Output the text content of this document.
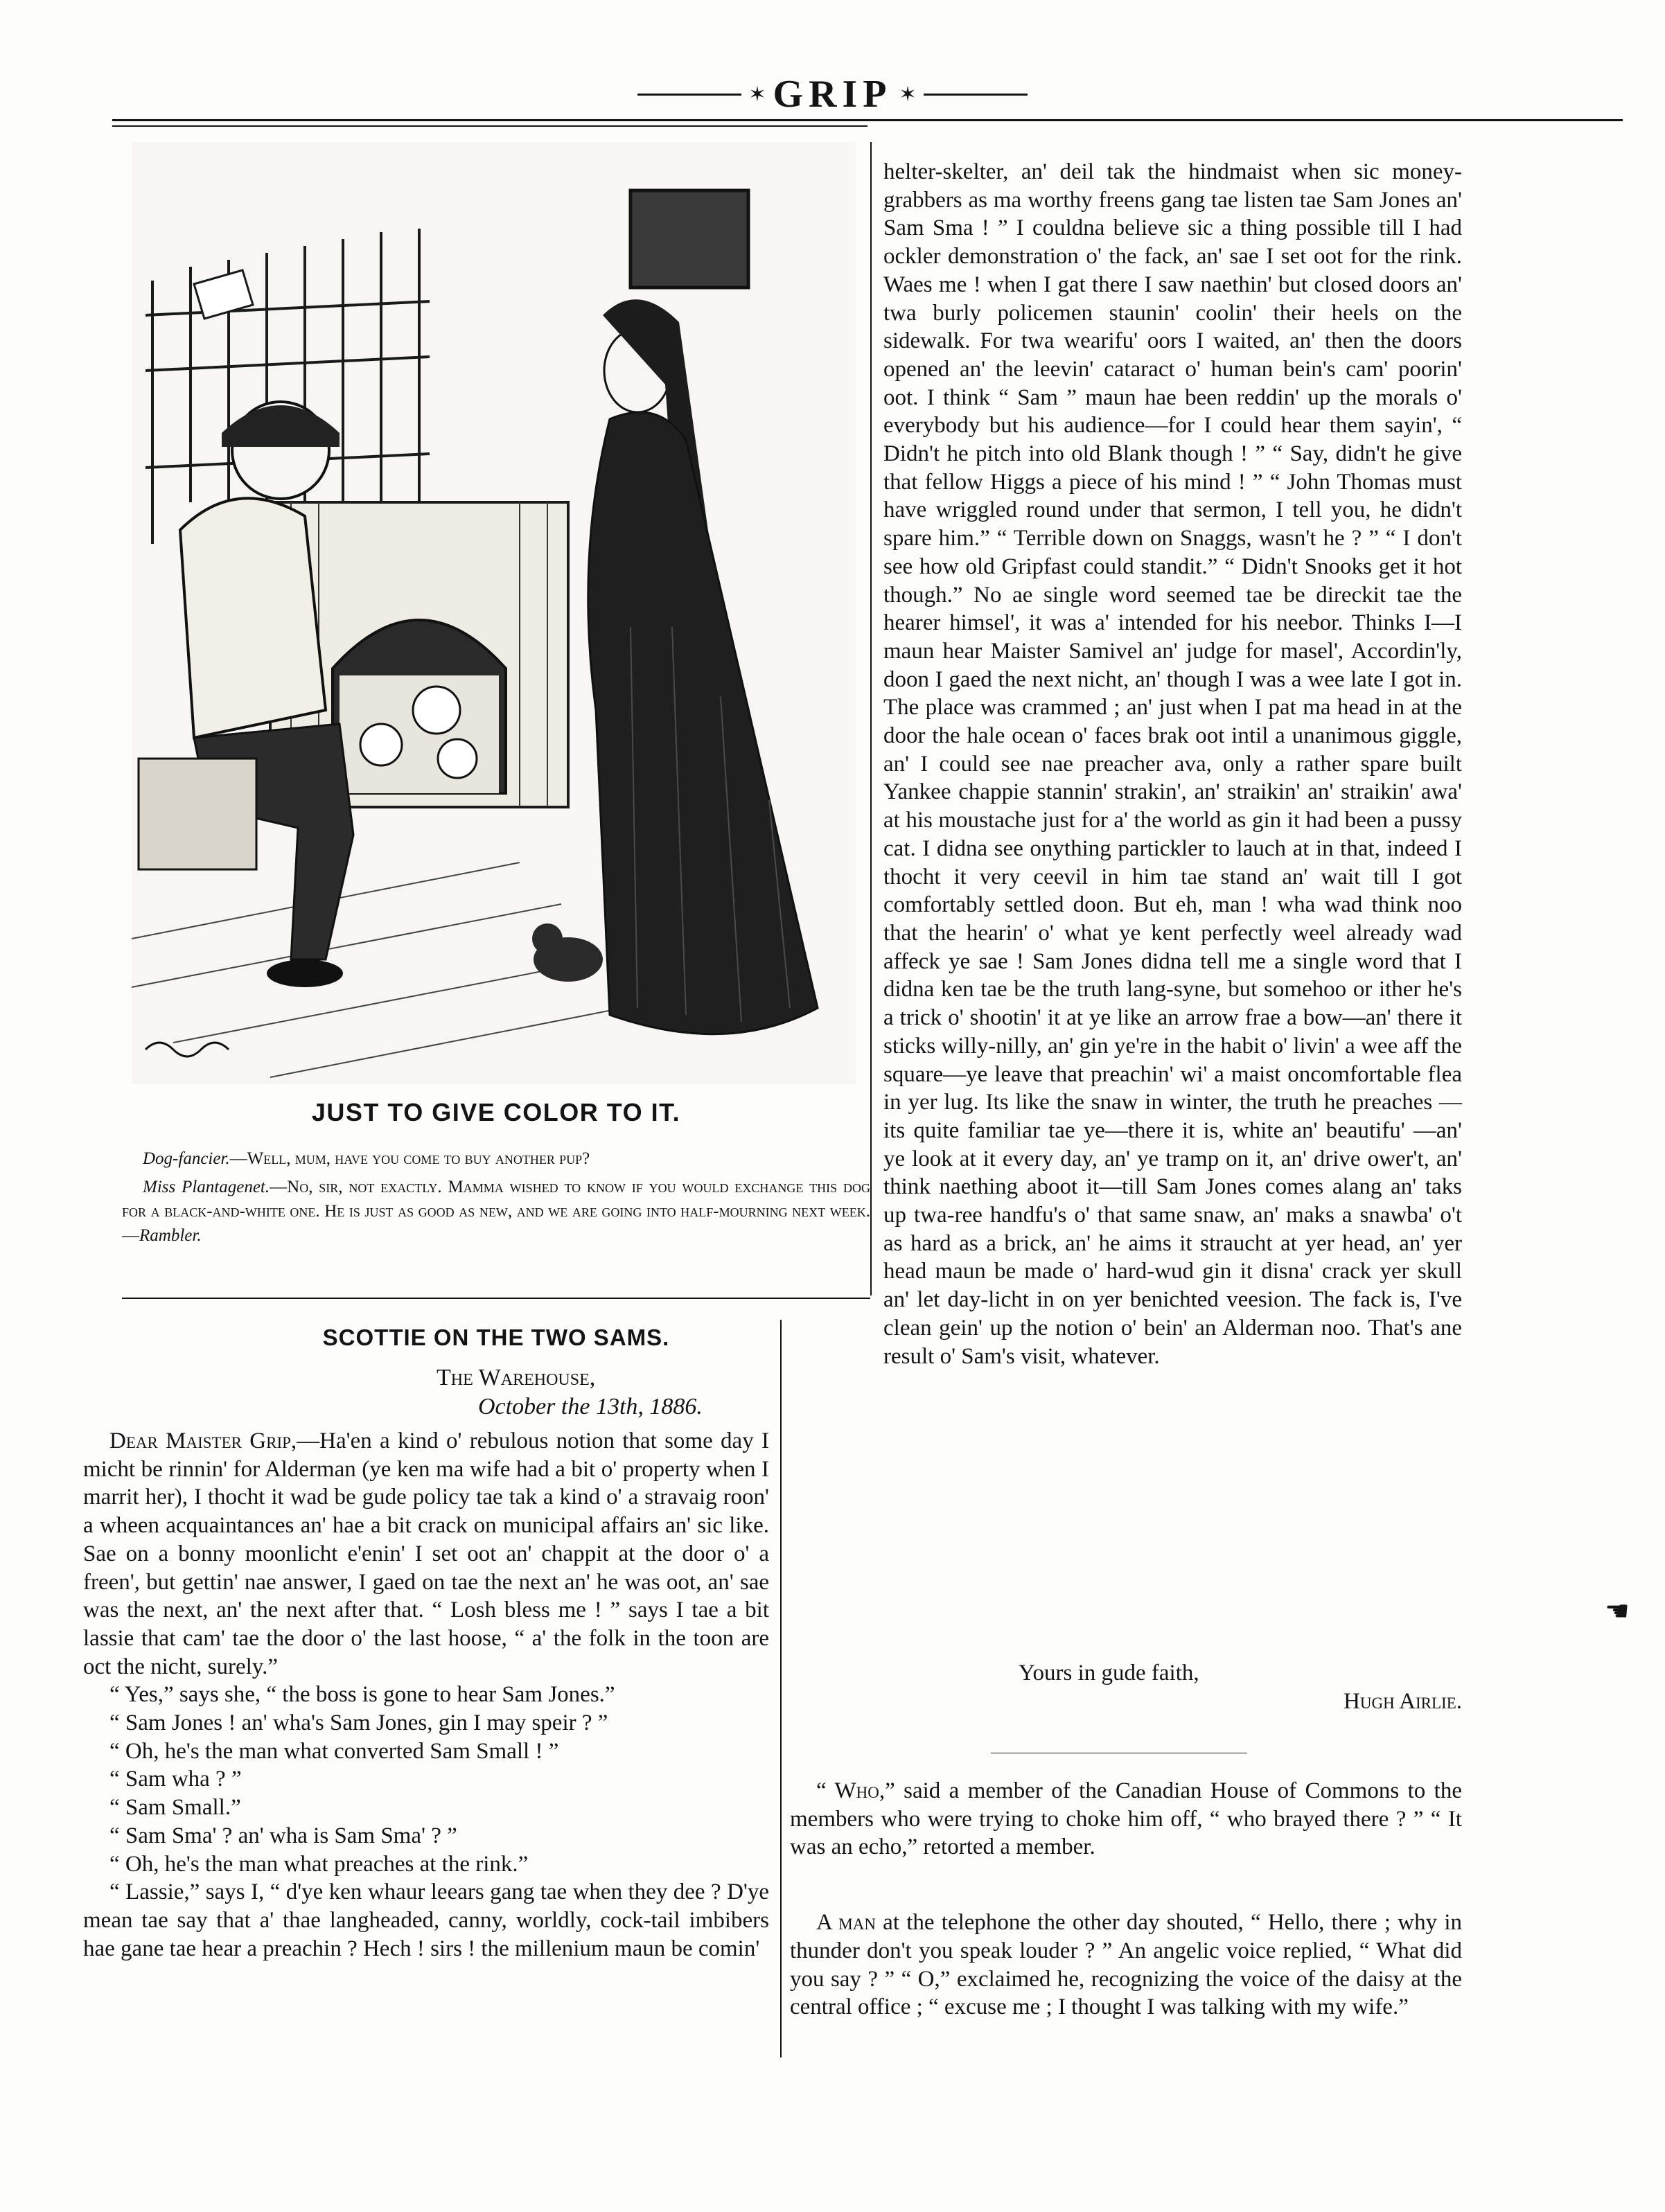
✶ GRIP ✶
JUST TO GIVE COLOR TO IT.

Dog-fancier.—Well, mum, have you come to buy another pup?

Miss Plantagenet.—No, sir, not exactly. Mamma wished to know if you would exchange this dog for a black-and-white one. He is just as good as new, and we are going into half-mourning next week.—Rambler.

SCOTTIE ON THE TWO SAMS.
The Warehouse,
October the 13th, 1886.

Dear Maister Grip,—Ha'en a kind o' rebulous notion that some day I micht be rinnin' for Alderman (ye ken ma wife had a bit o' property when I marrit her), I thocht it wad be gude policy tae tak a kind o' a stravaig roon' a wheen acquaintances an' hae a bit crack on municipal affairs an' sic like. Sae on a bonny moonlicht e'enin' I set oot an' chappit at the door o' a freen', but gettin' nae answer, I gaed on tae the next an' he was oot, an' sae was the next, an' the next after that. “ Losh bless me ! ” says I tae a bit lassie that cam' tae the door o' the last hoose, “ a' the folk in the toon are oct the nicht, surely.”

“ Yes,” says she, “ the boss is gone to hear Sam Jones.”

“ Sam Jones ! an' wha's Sam Jones, gin I may speir ? ”

“ Oh, he's the man what converted Sam Small ! ”

“ Sam wha ? ”

“ Sam Small.”

“ Sam Sma' ? an' wha is Sam Sma' ? ”

“ Oh, he's the man what preaches at the rink.”

“ Lassie,” says I, “ d'ye ken whaur leears gang tae when they dee ? D'ye mean tae say that a' thae langheaded, canny, worldly, cock-tail imbibers hae gane tae hear a preachin ? Hech ! sirs ! the millenium maun be comin'

helter-skelter, an' deil tak the hindmaist when sic money-grabbers as ma worthy freens gang tae listen tae Sam Jones an' Sam Sma ! ” I couldna believe sic a thing possible till I had ockler demonstration o' the fack, an' sae I set oot for the rink. Waes me ! when I gat there I saw naethin' but closed doors an' twa burly policemen staunin' coolin' their heels on the sidewalk. For twa wearifu' oors I waited, an' then the doors opened an' the leevin' cataract o' human bein's cam' poorin' oot. I think “ Sam ” maun hae been reddin' up the morals o' everybody but his audience—for I could hear them sayin', “ Didn't he pitch into old Blank though ! ” “ Say, didn't he give that fellow Higgs a piece of his mind ! ” “ John Thomas must have wriggled round under that sermon, I tell you, he didn't spare him.” “ Terrible down on Snaggs, wasn't he ? ” “ I don't see how old Gripfast could standit.” “ Didn't Snooks get it hot though.” No ae single word seemed tae be direckit tae the hearer himsel', it was a' intended for his neebor. Thinks I—I maun hear Maister Samivel an' judge for masel', Accordin'ly, doon I gaed the next nicht, an' though I was a wee late I got in. The place was crammed ; an' just when I pat ma head in at the door the hale ocean o' faces brak oot intil a unanimous giggle, an' I could see nae preacher ava, only a rather spare built Yankee chappie stannin' strakin', an' straikin' an' straikin' awa' at his moustache just for a' the world as gin it had been a pussy cat. I didna see onything partickler to lauch at in that, indeed I thocht it very ceevil in him tae stand an' wait till I got comfortably settled doon. But eh, man ! wha wad think noo that the hearin' o' what ye kent perfectly weel already wad affeck ye sae ! Sam Jones didna tell me a single word that I didna ken tae be the truth lang-syne, but somehoo or ither he's a trick o' shootin' it at ye like an arrow frae a bow—an' there it sticks willy-nilly, an' gin ye're in the habit o' livin' a wee aff the square—ye leave that preachin' wi' a maist oncomfortable flea in yer lug. Its like the snaw in winter, the truth he preaches —its quite familiar tae ye—there it is, white an' beautifu' —an' ye look at it every day, an' ye tramp on it, an' drive ower't, an' think naething aboot it—till Sam Jones comes alang an' taks up twa-ree handfu's o' that same snaw, an' maks a snawba' o't as hard as a brick, an' he aims it straucht at yer head, an' yer head maun be made o' hard-wud gin it disna' crack yer skull an' let day-licht in on yer benichted veesion. The fack is, I've clean gein' up the notion o' bein' an Alderman noo. That's ane result o' Sam's visit, whatever.

Yours in gude faith,

Hugh Airlie.

“ Who,” said a member of the Canadian House of Commons to the members who were trying to choke him off, “ who brayed there ? ” “ It was an echo,” retorted a member.

A man at the telephone the other day shouted, “ Hello, there ; why in thunder don't you speak louder ? ” An angelic voice replied, “ What did you say ? ” “ O,” exclaimed he, recognizing the voice of the daisy at the central office ; “ excuse me ; I thought I was talking with my wife.”

☚
